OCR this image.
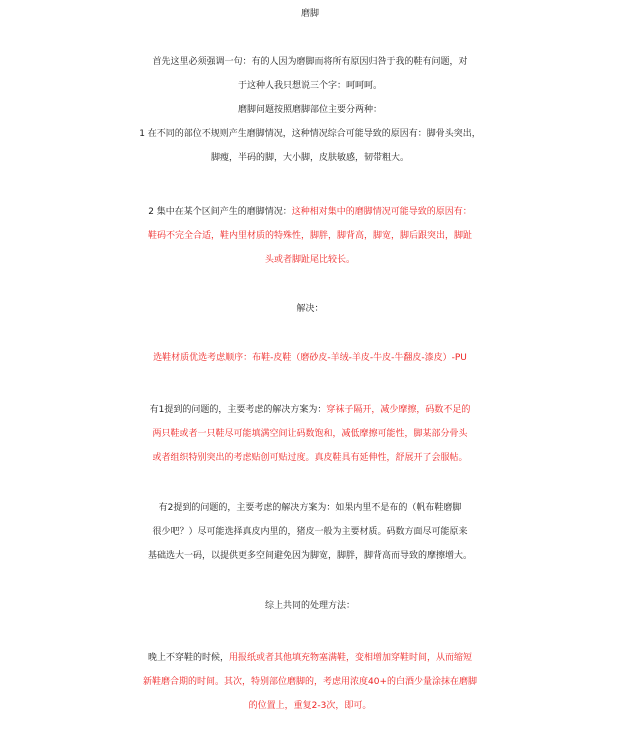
磨脚
首先这里必须强调一句：有的人因为磨脚而将所有原因归咎于我的鞋有问题，对
于这种人我只想说三个字：呵呵呵。
磨脚问题按照磨脚部位主要分两种：
1 在不同的部位不规则产生磨脚情况，这种情况综合可能导致的原因有：脚骨头突出，
脚瘦，半码的脚，大小脚，皮肤敏感，韧带粗大。
2 集中在某个区间产生的磨脚情况：这种相对集中的磨脚情况可能导致的原因有：
鞋码不完全合适，鞋内里材质的特殊性，脚胖，脚背高，脚宽，脚后跟突出，脚趾
头或者脚趾尾比较长。
解决：
选鞋材质优选考虑顺序：布鞋-皮鞋（磨砂皮-羊绒-羊皮-牛皮-牛翻皮-漆皮）-PU
有1提到的问题的，主要考虑的解决方案为：穿袜子隔开，减少摩擦，码数不足的
两只鞋或者一只鞋尽可能填满空间让码数饱和，减低摩擦可能性，脚某部分骨头
或者组织特别突出的考虑贴创可贴过度。真皮鞋具有延伸性，舒展开了会服帖。
有2提到的问题的，主要考虑的解决方案为：如果内里不是布的（帆布鞋磨脚
很少吧？）尽可能选择真皮内里的，猪皮一般为主要材质。码数方面尽可能原来
基础选大一码，以提供更多空间避免因为脚宽，脚胖，脚背高而导致的摩擦增大。
综上共同的处理方法：
晚上不穿鞋的时候，用报纸或者其他填充物塞满鞋，变相增加穿鞋时间，从而缩短
新鞋磨合期的时间。其次，特别部位磨脚的，考虑用浓度40+的白酒少量涂抹在磨脚
的位置上，重复2-3次，即可。
